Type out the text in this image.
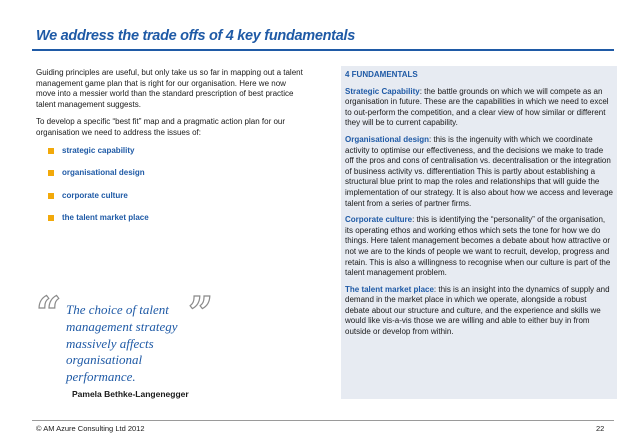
We address the trade offs of 4 key fundamentals

Guiding principles are useful, but only take us so far in mapping out a talent management game plan that is right for our organisation. Here we now move into a messier world than the standard prescription of best practice talent management suggests.

To develop a specific “best fit” map and a pragmatic action plan for our organisation we need to address the issues of:

strategic capability
organisational design
corporate culture
the talent market place
“	”
The choice of talent
management strategy
massively affects
organisational
performance.
Pamela Bethke-Langenegger
4 FUNDAMENTALS

Strategic Capability: the battle grounds on which we will compete as an organisation in future. These are the capabilities in which we need to excel to out-perform the competition, and a clear view of how similar or different they will be to current capability.

Organisational design: this is the ingenuity with which we coordinate activity to optimise our effectiveness, and the decisions we make to trade off the pros and cons of centralisation vs. decentralisation or the integration of business activity vs. differentiation This is partly about establishing a structural blue print to map the roles and relationships that will guide the implementation of our strategy. It is also about how we access and leverage talent from a series of partner firms.

Corporate culture: this is identifying the “personality” of the organisation, its operating ethos and working ethos which sets the tone for how we do things. Here talent management becomes a debate about how attractive or not we are to the kinds of people we want to recruit, develop, progress and retain. This is also a willingness to recognise when our culture is part of the talent management problem.

The talent market place: this is an insight into the dynamics of supply and demand in the market place in which we operate, alongside a robust debate about our structure and culture, and the experience and skills we would like vis-a-vis those we are willing and able to either buy in from outside or develop from within.

© AM Azure Consulting Ltd 2012	22
